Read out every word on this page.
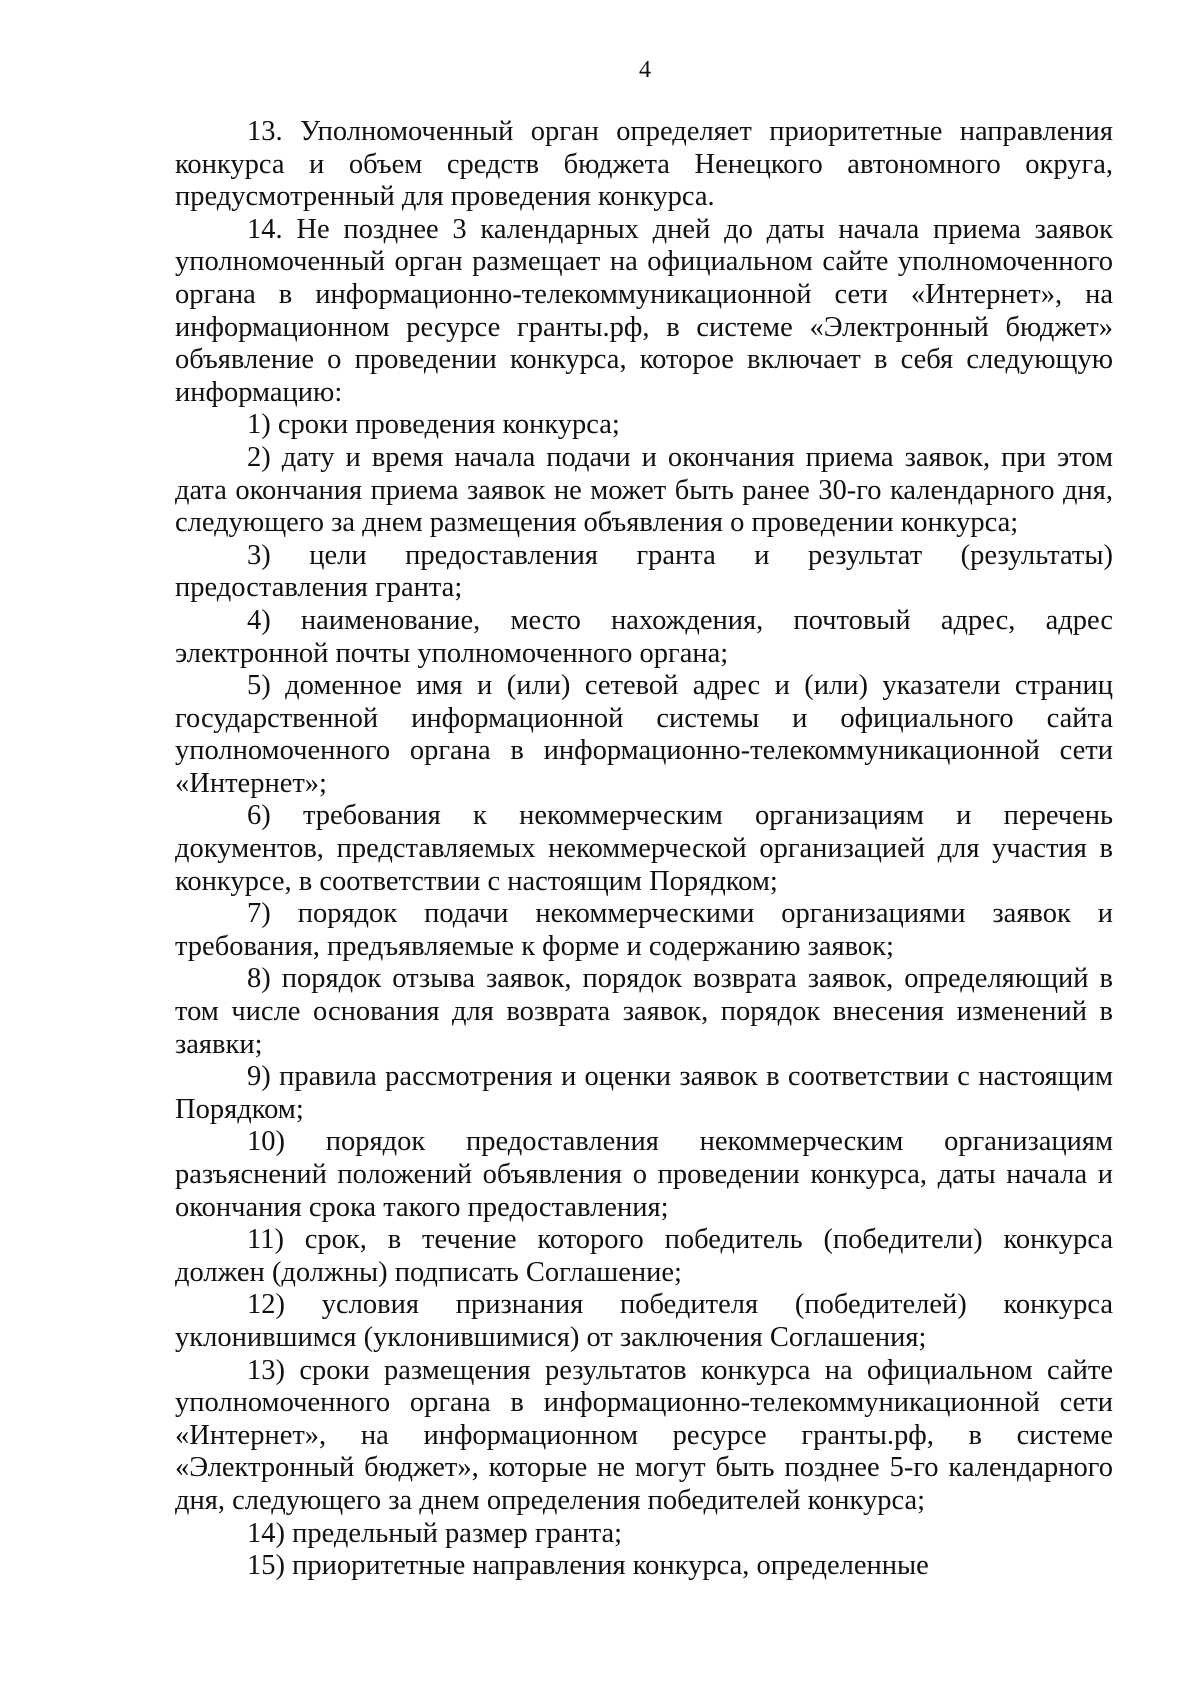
4

13. Уполномоченный орган определяет приоритетные направления конкурса и объем средств бюджета Ненецкого автономного округа, предусмотренный для проведения конкурса.

14. Не позднее 3 календарных дней до даты начала приема заявок уполномоченный орган размещает на официальном сайте уполномоченного органа в информационно-телекоммуникационной сети «Интернет», на информационном ресурсе гранты.рф, в системе «Электронный бюджет» объявление о проведении конкурса, которое включает в себя следующую информацию:

1) сроки проведения конкурса;

2) дату и время начала подачи и окончания приема заявок, при этом дата окончания приема заявок не может быть ранее 30-го календарного дня, следующего за днем размещения объявления о проведении конкурса;

3) цели предоставления гранта и результат (результаты) предоставления гранта;

4) наименование, место нахождения, почтовый адрес, адрес электронной почты уполномоченного органа;

5) доменное имя и (или) сетевой адрес и (или) указатели страниц государственной информационной системы и официального сайта уполномоченного органа в информационно-телекоммуникационной сети «Интернет»;

6) требования к некоммерческим организациям и перечень документов, представляемых некоммерческой организацией для участия в конкурсе, в соответствии с настоящим Порядком;

7) порядок подачи некоммерческими организациями заявок и требования, предъявляемые к форме и содержанию заявок;

8) порядок отзыва заявок, порядок возврата заявок, определяющий в том числе основания для возврата заявок, порядок внесения изменений в заявки;

9) правила рассмотрения и оценки заявок в соответствии с настоящим Порядком;

10) порядок предоставления некоммерческим организациям разъяснений положений объявления о проведении конкурса, даты начала и окончания срока такого предоставления;

11) срок, в течение которого победитель (победители) конкурса должен (должны) подписать Соглашение;

12) условия признания победителя (победителей) конкурса уклонившимся (уклонившимися) от заключения Соглашения;

13) сроки размещения результатов конкурса на официальном сайте уполномоченного органа в информационно-телекоммуникационной сети «Интернет», на информационном ресурсе гранты.рф, в системе «Электронный бюджет», которые не могут быть позднее 5-го календарного дня, следующего за днем определения победителей конкурса;

14) предельный размер гранта;

15) приоритетные направления конкурса, определенные
